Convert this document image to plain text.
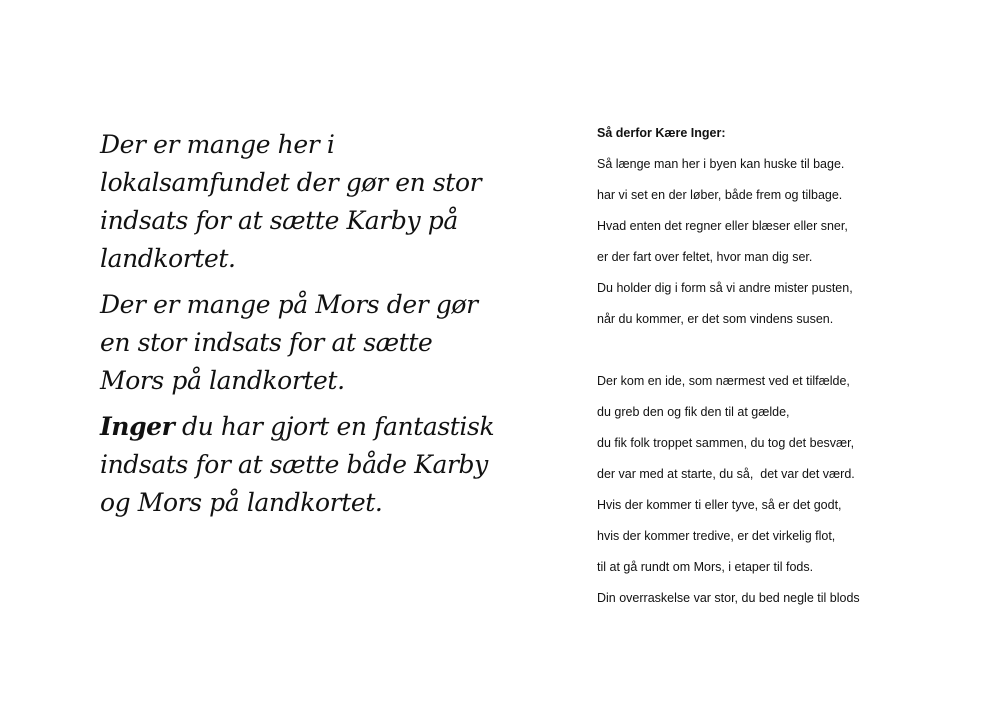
Der er mange her i lokalsamfundet der gør en stor indsats for at sætte Karby på landkortet.

Der er mange på Mors der gør en stor indsats for at sætte Mors på landkortet.

Inger du har gjort en fantastisk indsats for at sætte både Karby og Mors på landkortet.

Så derfor Kære Inger:

Så længe man her i byen kan huske til bage.

har vi set en der løber, både frem og tilbage.

Hvad enten det regner eller blæser eller sner,

er der fart over feltet, hvor man dig ser.

Du holder dig i form så vi andre mister pusten,

når du kommer, er det som vindens susen.

Der kom en ide, som nærmest ved et tilfælde,

du greb den og fik den til at gælde,

du fik folk troppet sammen, du tog det besvær,

der var med at starte, du så,  det var det værd.

Hvis der kommer ti eller tyve, så er det godt,

hvis der kommer tredive, er det virkelig flot,

til at gå rundt om Mors, i etaper til fods.

Din overraskelse var stor, du bed negle til blods
